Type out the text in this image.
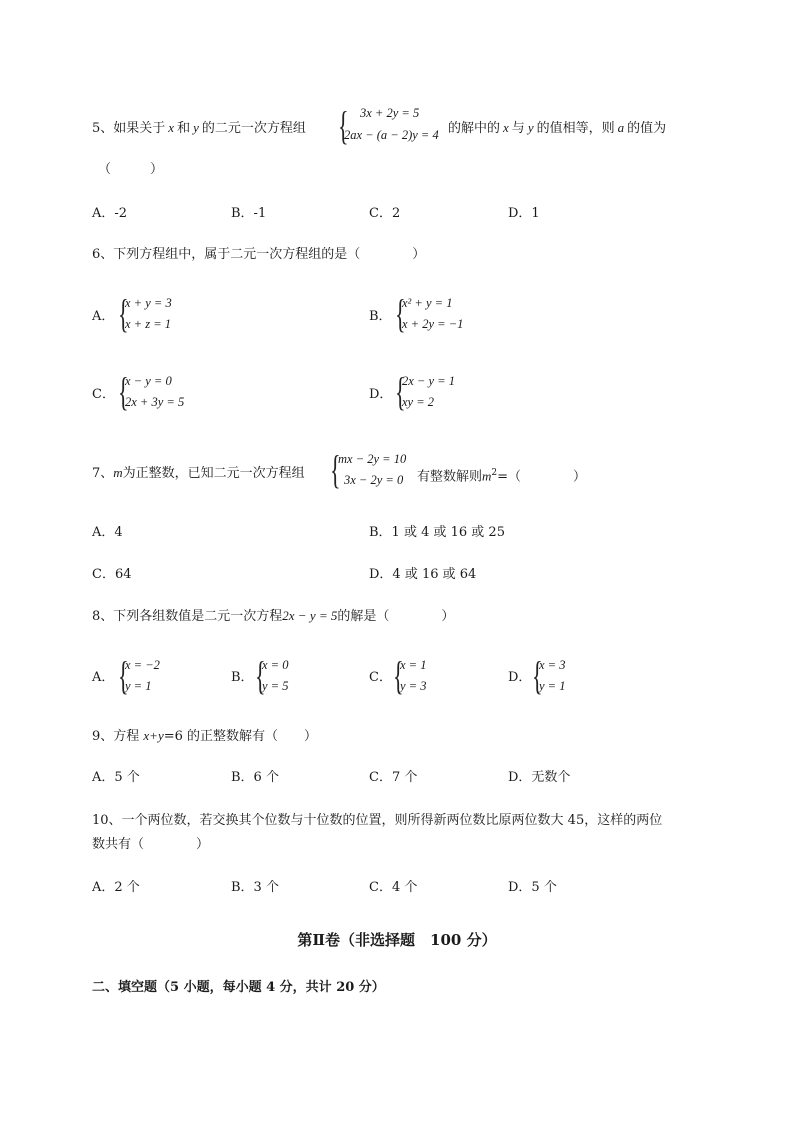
5、如果关于 x 和 y 的二元一次方程组 { 3x + 2y = 5
2ax − (a − 2)y = 4 的解中的 x 与 y 的值相等，则 a 的值为
（　　　）
A．-2	B．-1	C．2	D．1
6、下列方程组中，属于二元一次方程组的是（　　　　）
A． {
x + y = 3
x + z = 1	B． {
x² + y = 1
x + 2y = −1
C． {
x − y = 0
2x + 3y = 5	D． {
2x − y = 1
xy = 2
7、m为正整数，已知二元一次方程组 {
mx − 2y = 10
3x − 2y = 0 有整数解则$m^2=$（　　　　）
A．4	B．1 或 4 或 16 或 25
C．64	D．4 或 16 或 64
8、下列各组数值是二元一次方程2x − y = 5的解是（　　　　）
A． {
x = −2
y = 1
B． {
x = 0
y = 5
C． {
x = 1
y = 3
D． {
x = 3
y = 1
9、方程 x+y=6 的正整数解有（　　）
A．5 个	B．6 个	C．7 个	D．无数个
10、一个两位数，若交换其个位数与十位数的位置，则所得新两位数比原两位数大 45，这样的两位
数共有（　　　　）
A．2 个	B．3 个	C．4 个	D．5 个
第Ⅱ卷（非选择题　100 分）
二、填空题（5 小题，每小题 4 分，共计 20 分）
